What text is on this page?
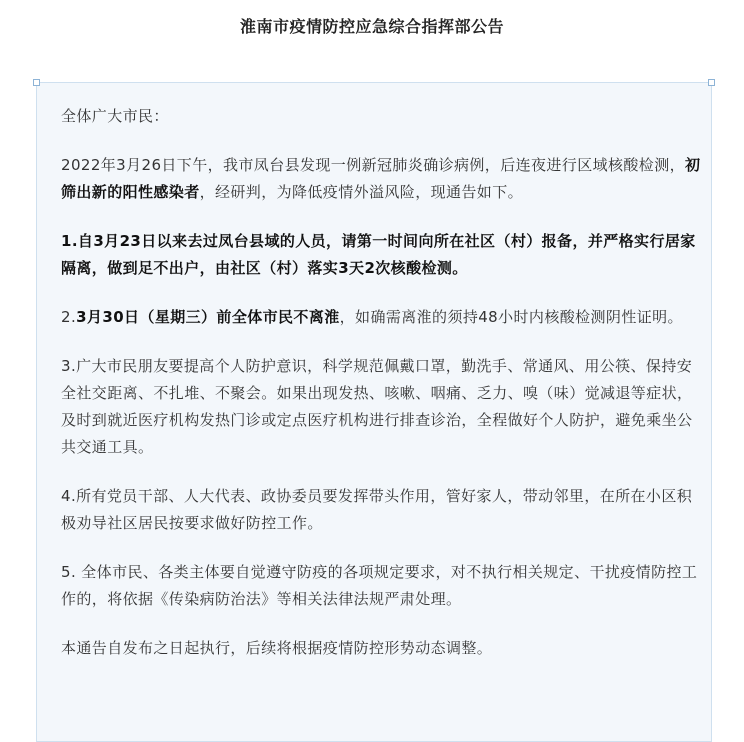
淮南市疫情防控应急综合指挥部公告

全体广大市民：

2022年3月26日下午，我市凤台县发现一例新冠肺炎确诊病例，后连夜进行区域核酸检测，初筛出新的阳性感染者，经研判，为降低疫情外溢风险，现通告如下。

1.自3月23日以来去过凤台县域的人员，请第一时间向所在社区（村）报备，并严格实行居家隔离，做到足不出户，由社区（村）落实3天2次核酸检测。

2.3月30日（星期三）前全体市民不离淮，如确需离淮的须持48小时内核酸检测阴性证明。

3.广大市民朋友要提高个人防护意识，科学规范佩戴口罩，勤洗手、常通风、用公筷、保持安全社交距离、不扎堆、不聚会。如果出现发热、咳嗽、咽痛、乏力、嗅（味）觉减退等症状，及时到就近医疗机构发热门诊或定点医疗机构进行排查诊治，全程做好个人防护，避免乘坐公共交通工具。

4.所有党员干部、人大代表、政协委员要发挥带头作用，管好家人，带动邻里，在所在小区积极劝导社区居民按要求做好防控工作。

5. 全体市民、各类主体要自觉遵守防疫的各项规定要求，对不执行相关规定、干扰疫情防控工作的，将依据《传染病防治法》等相关法律法规严肃处理。

本通告自发布之日起执行，后续将根据疫情防控形势动态调整。
